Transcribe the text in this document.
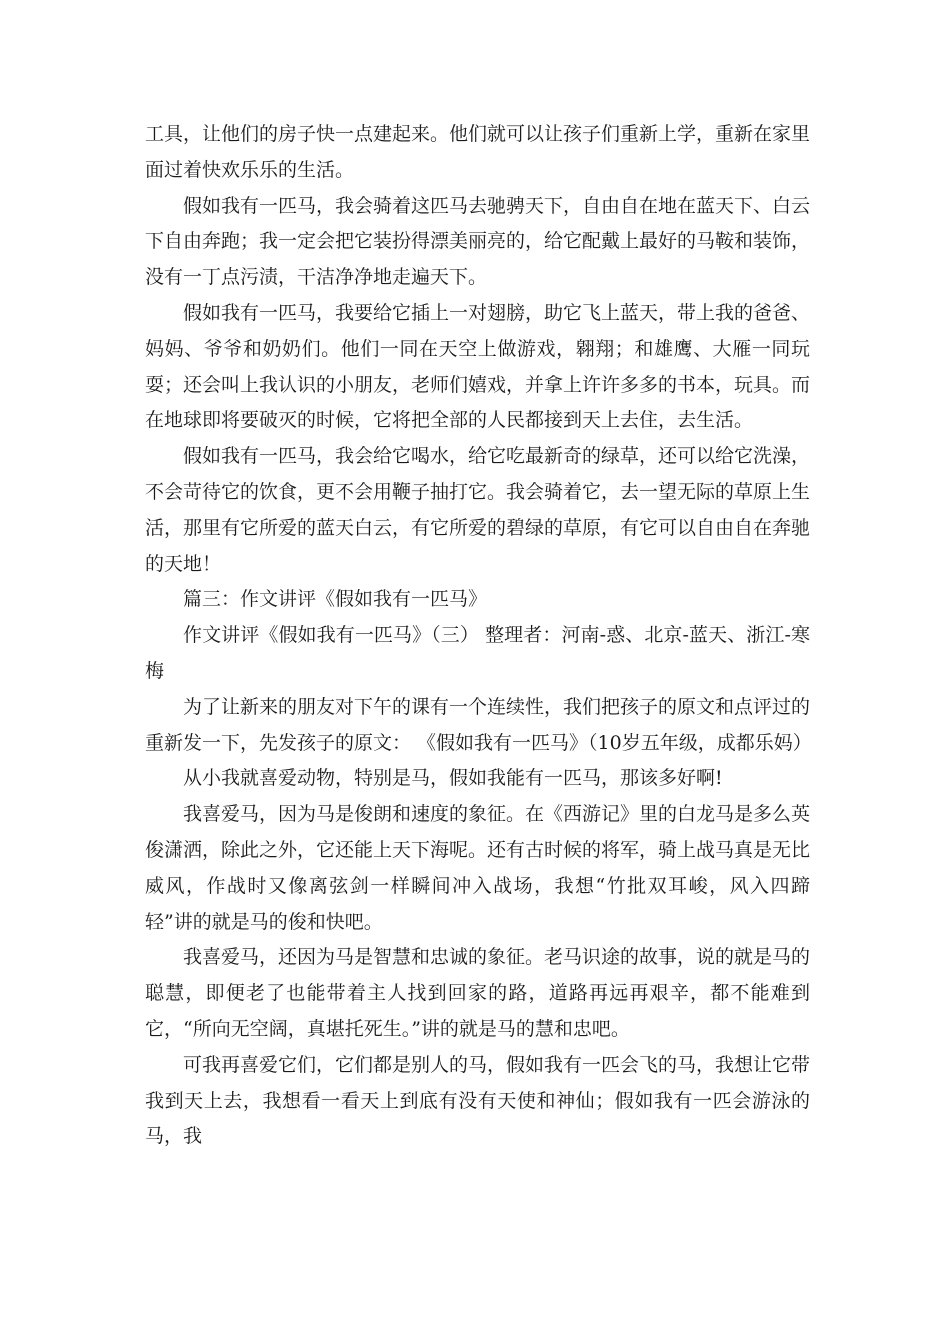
工具，让他们的房子快一点建起来。他们就可以让孩子们重新上学，重新在家里面过着快欢乐乐的生活。

假如我有一匹马，我会骑着这匹马去驰骋天下，自由自在地在蓝天下、白云下自由奔跑；我一定会把它装扮得漂美丽亮的，给它配戴上最好的马鞍和装饰，没有一丁点污渍，干洁净净地走遍天下。

假如我有一匹马，我要给它插上一对翅膀，助它飞上蓝天，带上我的爸爸、妈妈、爷爷和奶奶们。他们一同在天空上做游戏，翱翔；和雄鹰、大雁一同玩耍；还会叫上我认识的小朋友，老师们嬉戏，并拿上许许多多的书本，玩具。而在地球即将要破灭的时候，它将把全部的人民都接到天上去住，去生活。

假如我有一匹马，我会给它喝水，给它吃最新奇的绿草，还可以给它洗澡，不会苛待它的饮食，更不会用鞭子抽打它。我会骑着它，去一望无际的草原上生活，那里有它所爱的蓝天白云，有它所爱的碧绿的草原，有它可以自由自在奔驰的天地！

篇三：作文讲评《假如我有一匹马》

作文讲评《假如我有一匹马》（三） 整理者：河南-惑、北京-蓝天、浙江-寒梅

为了让新来的朋友对下午的课有一个连续性，我们把孩子的原文和点评过的重新发一下，先发孩子的原文： 《假如我有一匹马》（10岁五年级，成都乐妈）

从小我就喜爱动物，特别是马，假如我能有一匹马，那该多好啊!

我喜爱马，因为马是俊朗和速度的象征。在《西游记》里的白龙马是多么英俊潇洒，除此之外，它还能上天下海呢。还有古时候的将军，骑上战马真是无比威风，作战时又像离弦剑一样瞬间冲入战场，我想“竹批双耳峻，风入四蹄轻”讲的就是马的俊和快吧。

我喜爱马，还因为马是智慧和忠诚的象征。老马识途的故事，说的就是马的聪慧，即便老了也能带着主人找到回家的路，道路再远再艰辛，都不能难到它，“所向无空阔，真堪托死生。”讲的就是马的慧和忠吧。

可我再喜爱它们，它们都是别人的马，假如我有一匹会飞的马，我想让它带我到天上去，我想看一看天上到底有没有天使和神仙；假如我有一匹会游泳的马，我
